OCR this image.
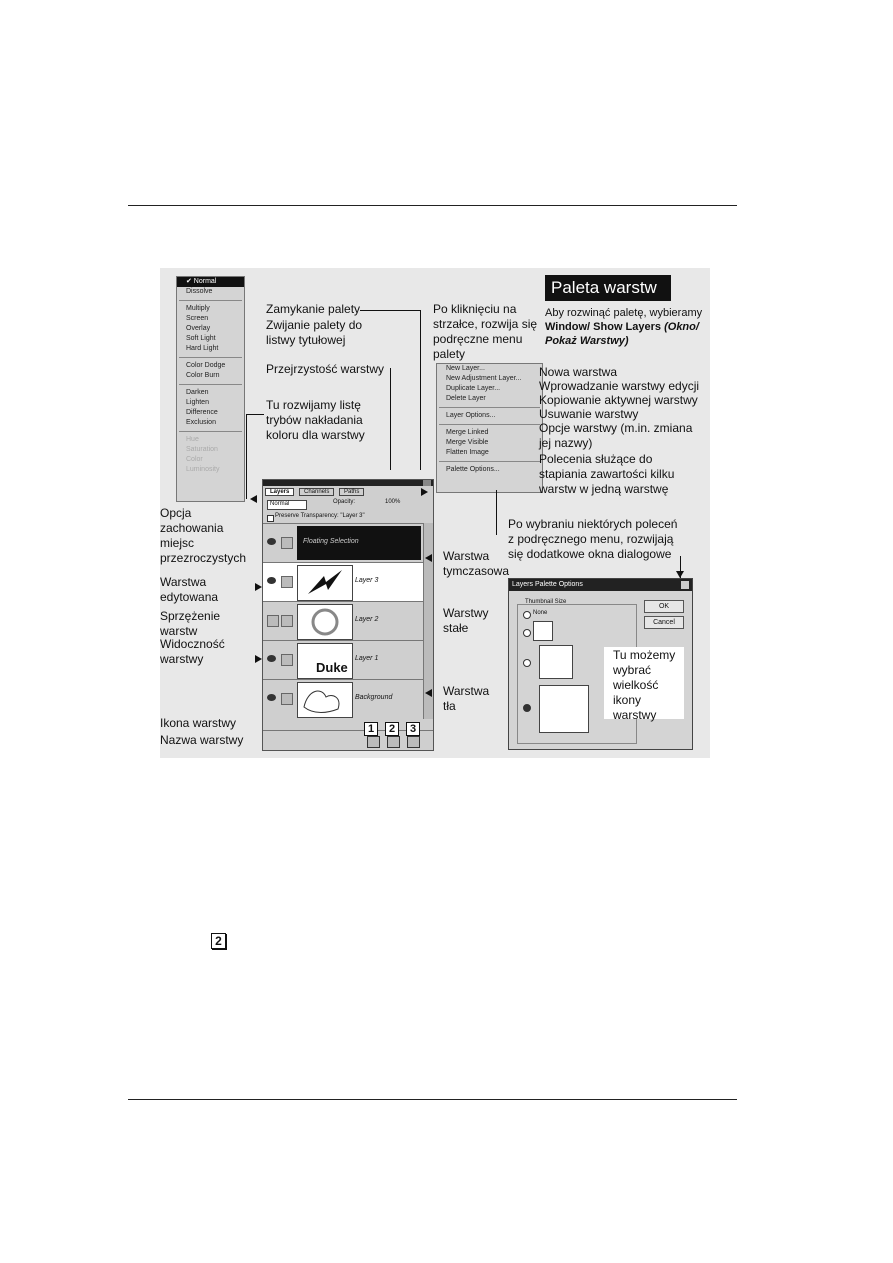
Paleta warstw
Aby rozwinąć paletę, wybieramy Window/ Show Layers (Okno/ Pokaż Warstwy)
✔ Normal
Dissolve
Multiply
Screen
Overlay
Soft Light
Hard Light
Color Dodge
Color Burn
Darken
Lighten
Difference
Exclusion
Hue
Saturation
Color
Luminosity
New Layer...
New Adjustment Layer...
Duplicate Layer...
Delete Layer
Layer Options...
Merge Linked
Merge Visible
Flatten Image
Palette Options...
Layers	Channels	Paths
Normal	Opacity:	100%
Preserve Transparency: "Layer 3"
Floating Selection
Layer 3
Layer 2
Duke
Layer 1
Background
1	2	3
Layers Palette Options
Thumbnail Size
None
OK
Cancel
Zamykanie palety
Zwijanie palety do
listwy tytułowej
Przejrzystość warstwy
Tu rozwijamy listę
trybów nakładania
koloru dla warstwy
Po kliknięciu na
strzałce, rozwija się
podręczne menu
palety
Nowa warstwa
Wprowadzanie warstwy edycji
Kopiowanie aktywnej warstwy
Usuwanie warstwy
Opcje warstwy (m.in. zmiana
jej nazwy)
Polecenia służące do
stapiania zawartości kilku
warstw w jedną warstwę
Po wybraniu niektórych poleceń
z podręcznego menu, rozwijają
się dodatkowe okna dialogowe
Opcja
zachowania
miejsc
przezroczystych
Warstwa
edytowana
Sprzężenie
warstw
Widoczność
warstwy
Ikona warstwy
Nazwa warstwy
Warstwa
tymczasowa
Warstwy
stałe
Warstwa
tła
Tu możemy
wybrać
wielkość
ikony
warstwy
2
